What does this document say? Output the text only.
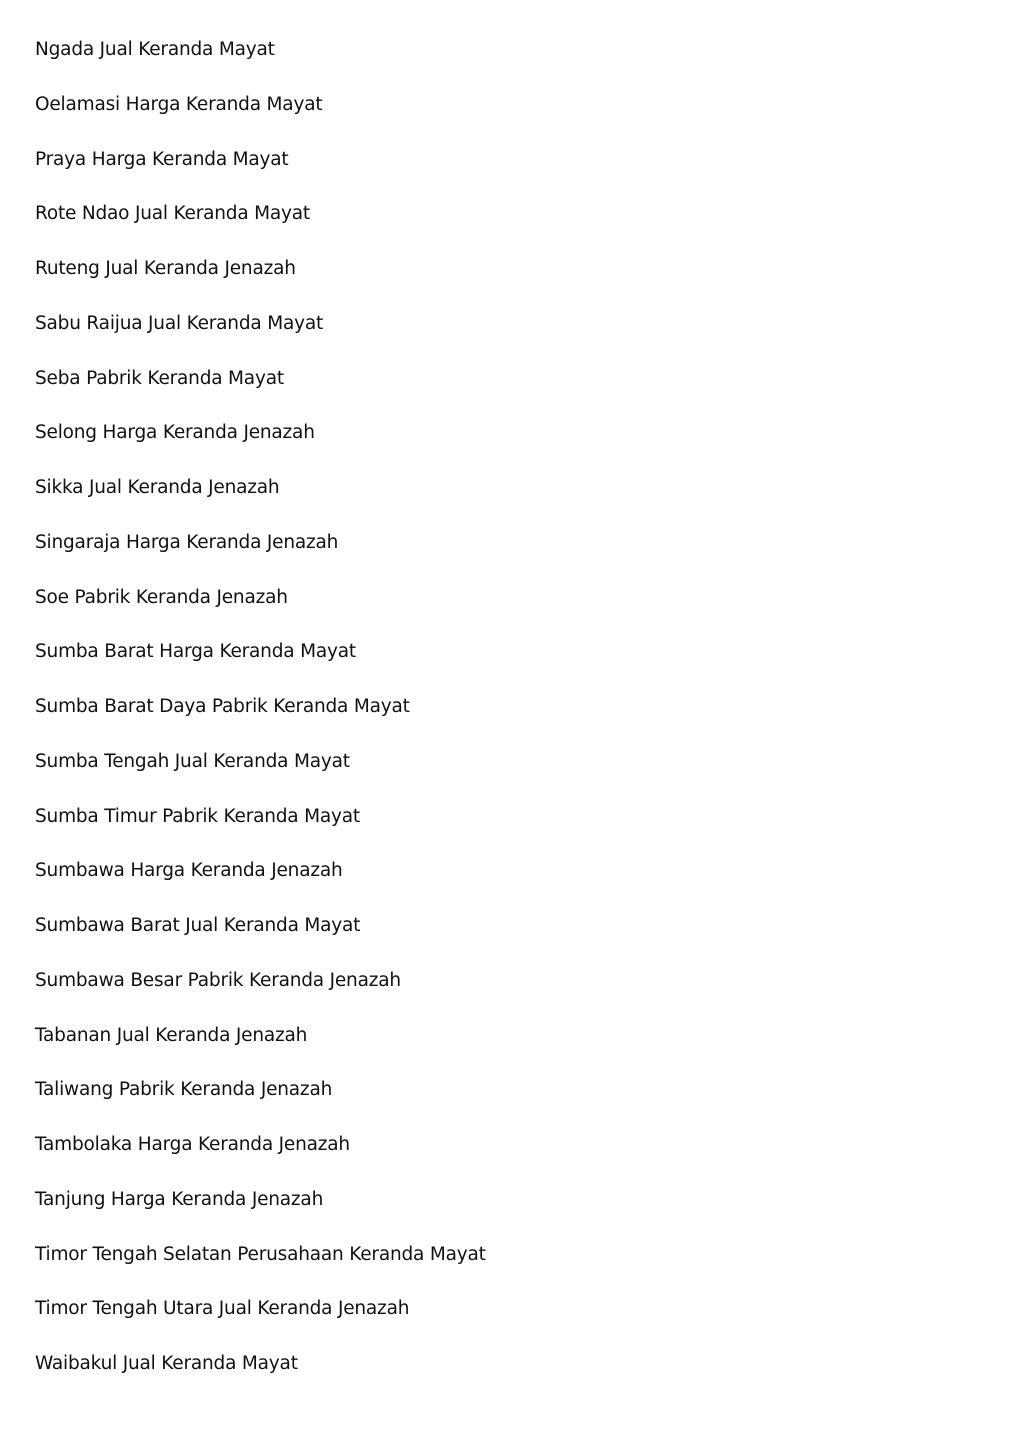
Ngada Jual Keranda Mayat
Oelamasi Harga Keranda Mayat
Praya Harga Keranda Mayat
Rote Ndao Jual Keranda Mayat
Ruteng Jual Keranda Jenazah
Sabu Raijua Jual Keranda Mayat
Seba Pabrik Keranda Mayat
Selong Harga Keranda Jenazah
Sikka Jual Keranda Jenazah
Singaraja Harga Keranda Jenazah
Soe Pabrik Keranda Jenazah
Sumba Barat Harga Keranda Mayat
Sumba Barat Daya Pabrik Keranda Mayat
Sumba Tengah Jual Keranda Mayat
Sumba Timur Pabrik Keranda Mayat
Sumbawa Harga Keranda Jenazah
Sumbawa Barat Jual Keranda Mayat
Sumbawa Besar Pabrik Keranda Jenazah
Tabanan Jual Keranda Jenazah
Taliwang Pabrik Keranda Jenazah
Tambolaka Harga Keranda Jenazah
Tanjung Harga Keranda Jenazah
Timor Tengah Selatan Perusahaan Keranda Mayat
Timor Tengah Utara Jual Keranda Jenazah
Waibakul Jual Keranda Mayat
